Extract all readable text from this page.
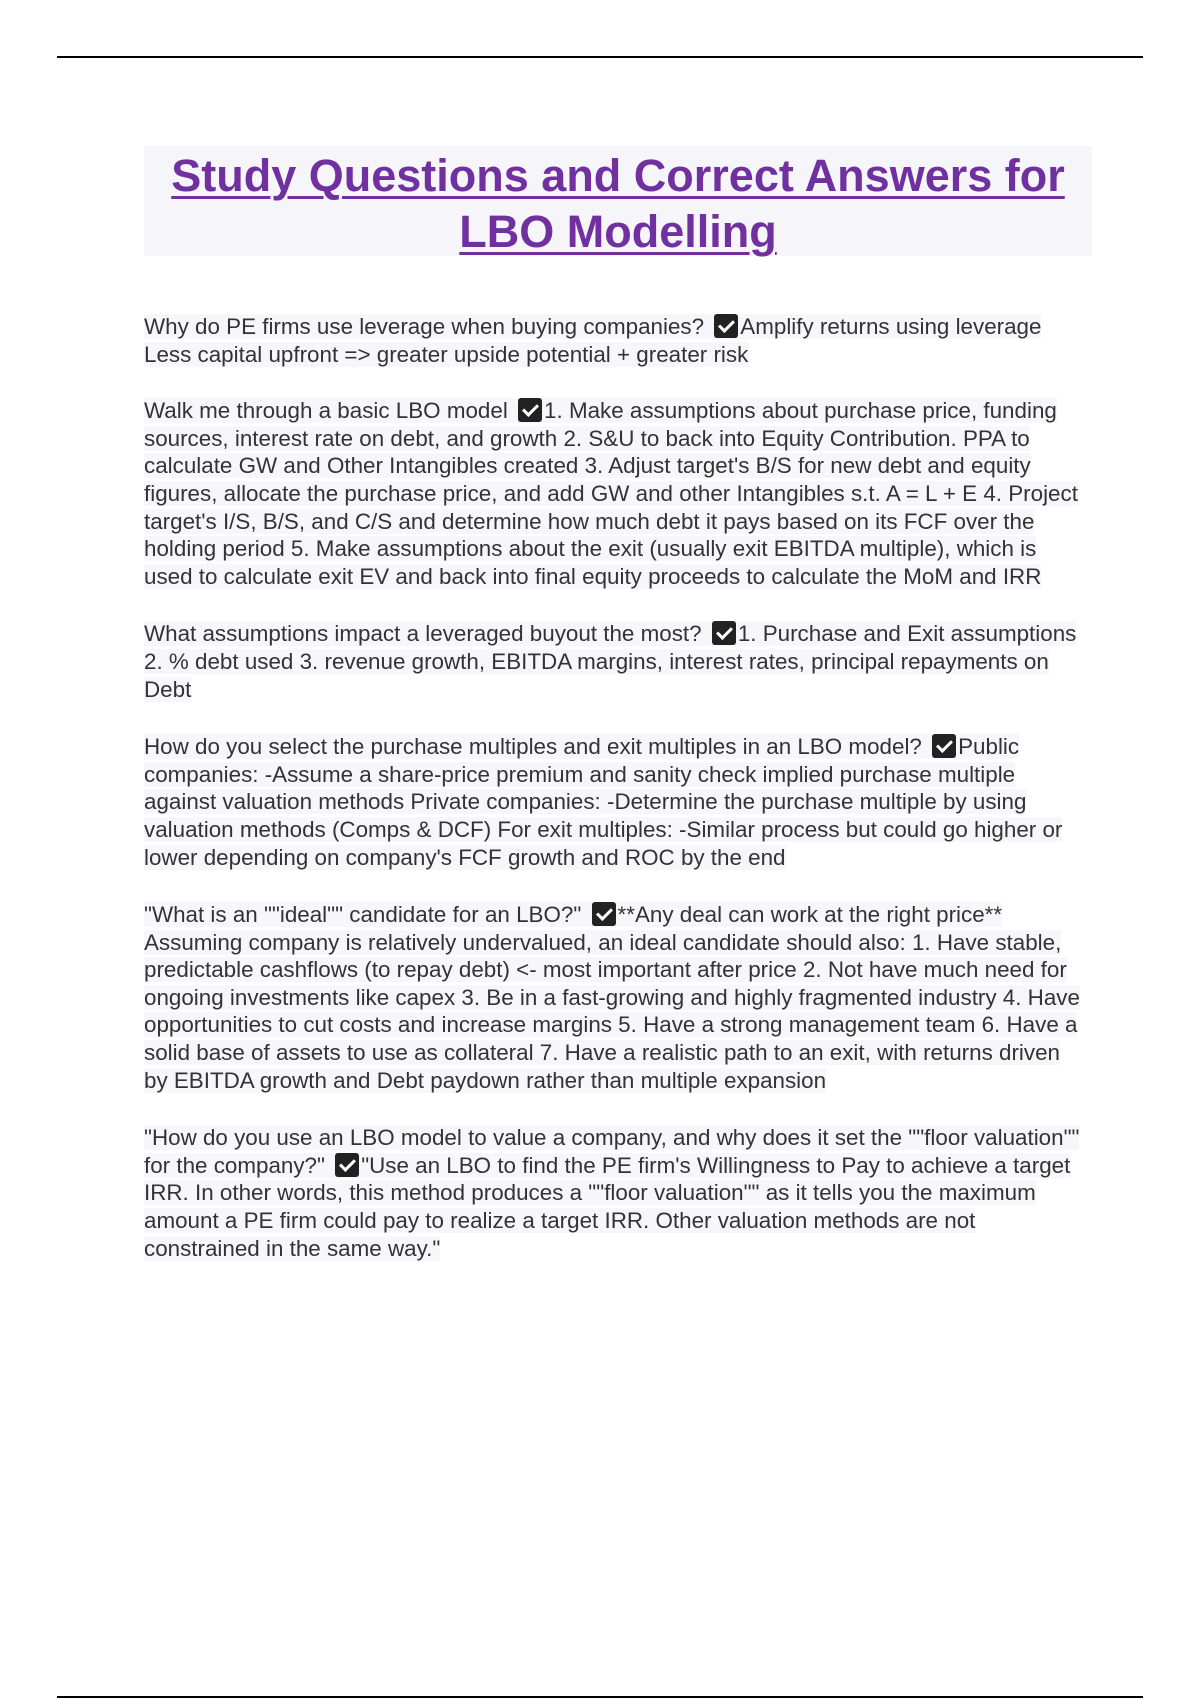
Study Questions and Correct Answers for LBO Modelling

Why do PE firms use leverage when buying companies? Amplify returns using leverage Less capital upfront => greater upside potential + greater risk

Walk me through a basic LBO model 1. Make assumptions about purchase price, funding sources, interest rate on debt, and growth 2. S&U to back into Equity Contribution. PPA to calculate GW and Other Intangibles created 3. Adjust target's B/S for new debt and equity figures, allocate the purchase price, and add GW and other Intangibles s.t. A = L + E 4. Project target's I/S, B/S, and C/S and determine how much debt it pays based on its FCF over the holding period 5. Make assumptions about the exit (usually exit EBITDA multiple), which is used to calculate exit EV and back into final equity proceeds to calculate the MoM and IRR

What assumptions impact a leveraged buyout the most? 1. Purchase and Exit assumptions 2. % debt used 3. revenue growth, EBITDA margins, interest rates, principal repayments on Debt

How do you select the purchase multiples and exit multiples in an LBO model? Public companies: -Assume a share-price premium and sanity check implied purchase multiple against valuation methods Private companies: -Determine the purchase multiple by using valuation methods (Comps & DCF) For exit multiples: -Similar process but could go higher or lower depending on company's FCF growth and ROC by the end

"What is an ""ideal"" candidate for an LBO?" **Any deal can work at the right price** Assuming company is relatively undervalued, an ideal candidate should also: 1. Have stable, predictable cashflows (to repay debt) <- most important after price 2. Not have much need for ongoing investments like capex 3. Be in a fast-growing and highly fragmented industry 4. Have opportunities to cut costs and increase margins 5. Have a strong management team 6. Have a solid base of assets to use as collateral 7. Have a realistic path to an exit, with returns driven by EBITDA growth and Debt paydown rather than multiple expansion

"How do you use an LBO model to value a company, and why does it set the ""floor valuation"" for the company?" "Use an LBO to find the PE firm's Willingness to Pay to achieve a target IRR. In other words, this method produces a ""floor valuation"" as it tells you the maximum amount a PE firm could pay to realize a target IRR. Other valuation methods are not constrained in the same way."
